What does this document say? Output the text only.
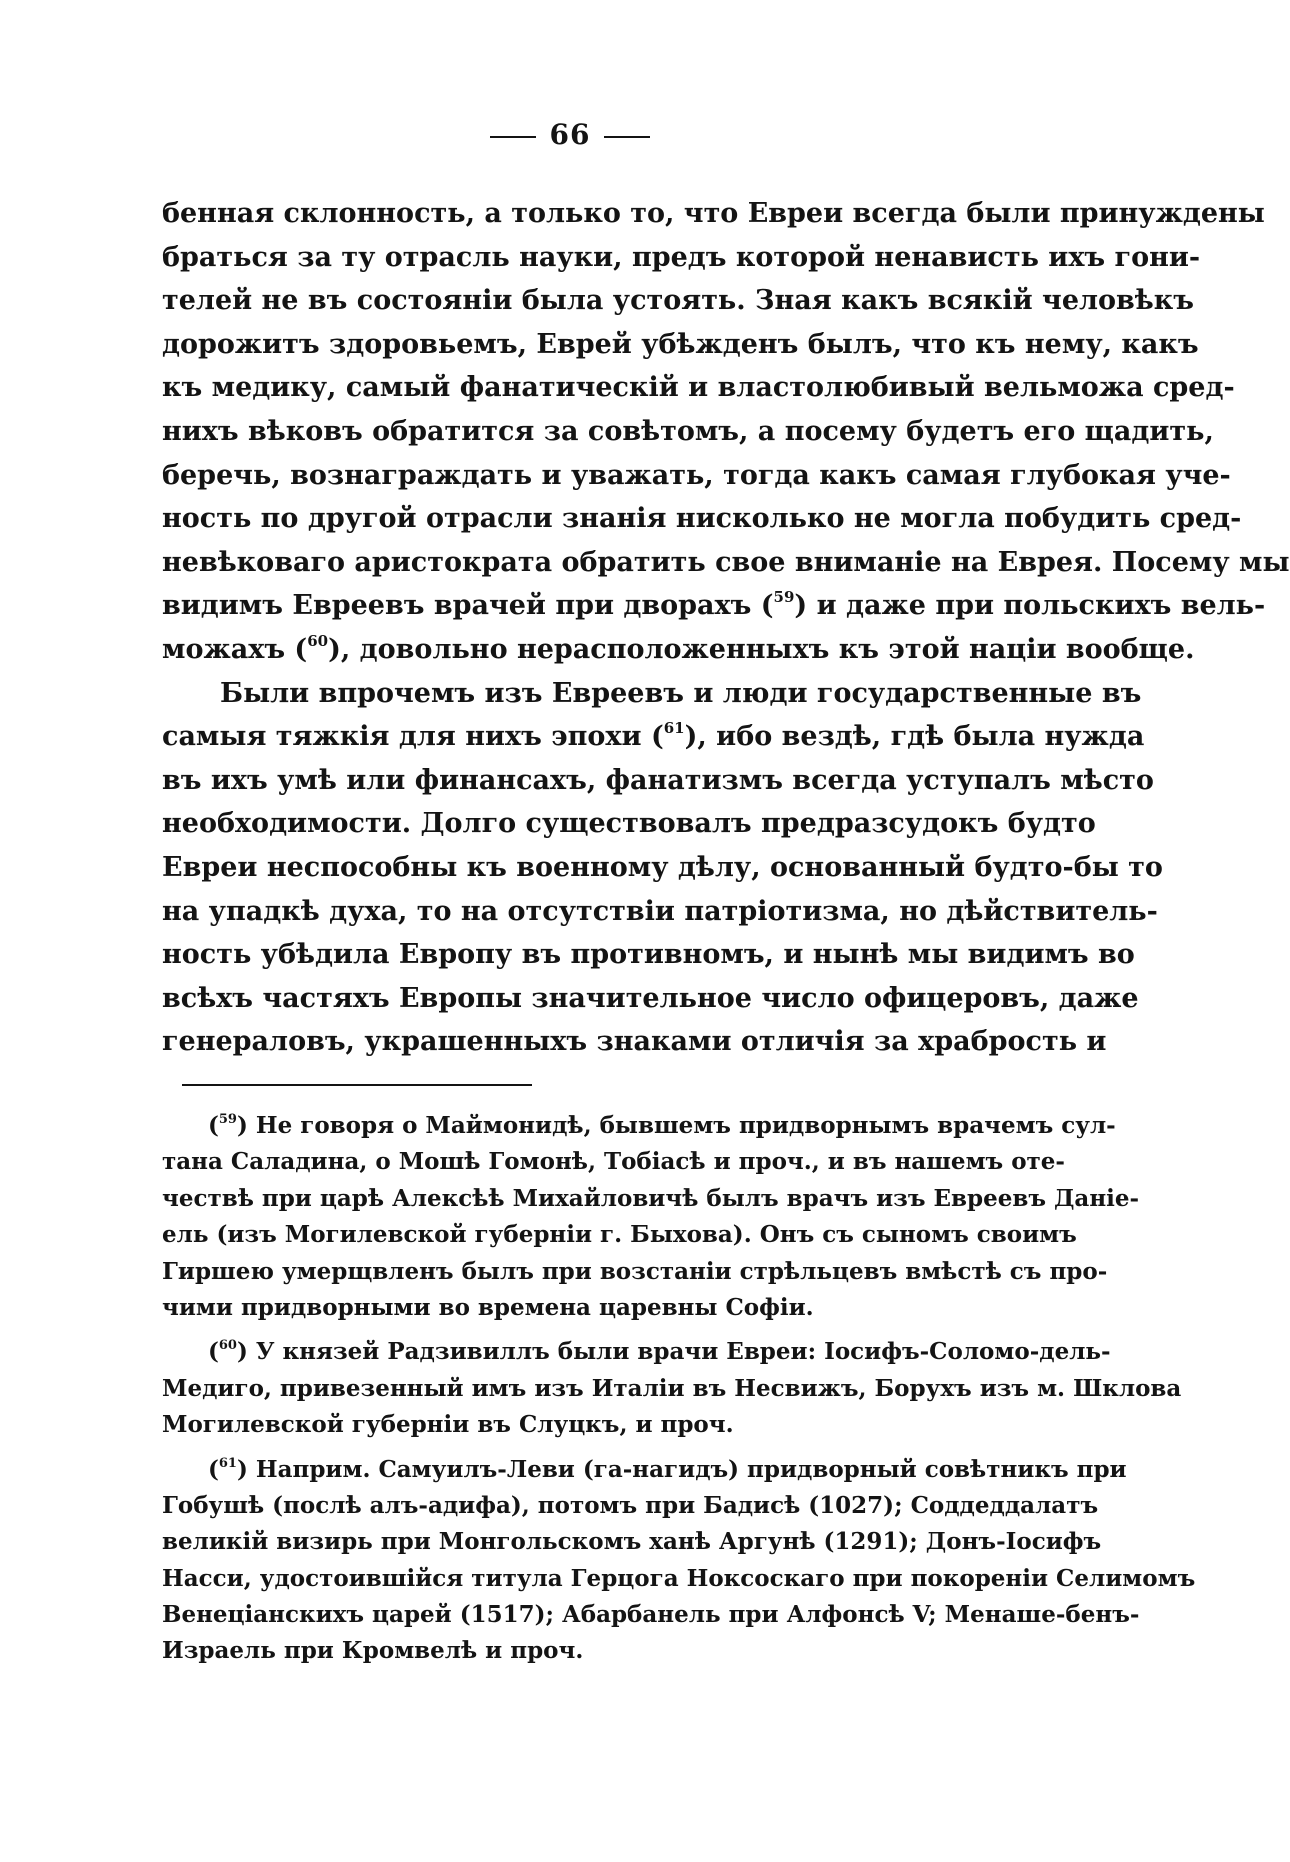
66
бенная склонность, а только то, что Евреи всегда были принуждены
браться за ту отрасль науки, предъ которой ненависть ихъ гони-
телей не въ состояніи была устоять. Зная какъ всякій человѣкъ
дорожитъ здоровьемъ, Еврей убѣжденъ былъ, что къ нему, какъ
къ медику, самый фанатическій и властолюбивый вельможа сред-
нихъ вѣковъ обратится за совѣтомъ, а посему будетъ его щадить,
беречь, вознаграждать и уважать, тогда какъ самая глубокая уче-
ность по другой отрасли знанія нисколько не могла побудить сред-
невѣковаго аристократа обратить свое вниманіе на Еврея. Посему мы
видимъ Евреевъ врачей при дворахъ ($^{59}$) и даже при польскихъ вель-
можахъ ($^{60}$), довольно нерасположенныхъ къ этой націи вообще.
Были впрочемъ изъ Евреевъ и люди государственные въ
самыя тяжкія для нихъ эпохи ($^{61}$), ибо вездѣ, гдѣ была нужда
въ ихъ умѣ или финансахъ, фанатизмъ всегда уступалъ мѣсто
необходимости. Долго существовалъ предразсудокъ будто
Евреи неспособны къ военному дѣлу, основанный будто-бы то
на упадкѣ духа, то на отсутствіи патріотизма, но дѣйствитель-
ность убѣдила Европу въ противномъ, и нынѣ мы видимъ во
всѣхъ частяхъ Европы значительное число офицеровъ, даже
генераловъ, украшенныхъ знаками отличія за храбрость и
($^{59}$) Не говоря о Маймонидѣ, бывшемъ придворнымъ врачемъ сул-
тана Саладина, о Мошѣ Гомонѣ, Тобіасѣ и проч., и въ нашемъ оте-
чествѣ при царѣ Алексѣѣ Михайловичѣ былъ врачъ изъ Евреевъ Даніе-
ель (изъ Могилевской губерніи г. Быхова). Онъ съ сыномъ своимъ
Гиршею умерщвленъ былъ при возстаніи стрѣльцевъ вмѣстѣ съ про-
чими придворными во времена царевны Софіи.
($^{60}$) У князей Радзивиллъ были врачи Евреи: Іосифъ-Соломо-дель-
Медиго, привезенный имъ изъ Италіи въ Несвижъ, Борухъ изъ м. Шклова
Могилевской губерніи въ Слуцкъ, и проч.
($^{61}$) Наприм. Самуилъ-Леви (га-нагидъ) придворный совѣтникъ при
Гобушѣ (послѣ алъ-адифа), потомъ при Бадисѣ (1027); Соддеддалатъ
великій визирь при Монгольскомъ ханѣ Аргунѣ (1291); Донъ-Іосифъ
Насси, удостоившійся титула Герцога Ноксоскаго при покореніи Селимомъ
Венеціанскихъ царей (1517); Абарбанель при Алфонсѣ V; Менаше-бенъ-
Израель при Кромвелѣ и проч.
